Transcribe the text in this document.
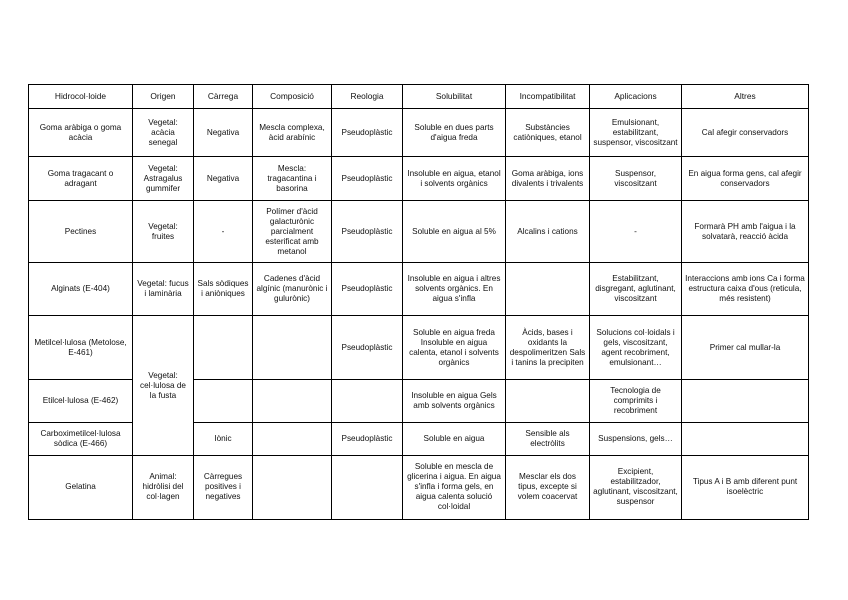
Hidrocol·loide	Origen	Càrrega	Composició	Reologia	Solubilitat	Incompatibilitat	Aplicacions	Altres
Goma aràbiga o goma acàcia	Vegetal: acàcia senegal	Negativa	Mescla complexa, àcid arabínic	Pseudoplàstic	Soluble en dues parts d'aigua freda	Substàncies catiòniques, etanol	Emulsionant, estabilitzant, suspensor, viscositzant	Cal afegir conservadors
Goma tragacant o adragant	Vegetal: Astragalus gummifer	Negativa	Mescla: tragacantina i basorina	Pseudoplàstic	Insoluble en aigua, etanol i solvents orgànics	Goma aràbiga, ions divalents i trivalents	Suspensor, viscositzant	En aigua forma gens, cal afegir conservadors
Pectines	Vegetal: fruites	-	Polímer d'àcid galacturònic parcialment esterificat amb metanol	Pseudoplàstic	Soluble en aigua al 5%	Alcalins i cations	-	Formarà PH amb l'aigua i la solvatarà, reacció àcida
Alginats (E-404)	Vegetal: fucus i laminària	Sals sòdiques i aniòniques	Cadenes d'àcid algínic (manurònic i gulurònic)	Pseudoplàstic	Insoluble en aigua i altres solvents orgànics. En aigua s'infla		Estabilitzant, disgregant, aglutinant, viscositzant	Interaccions amb ions Ca i forma estructura caixa d'ous (reticula, més resistent)
Metilcel·lulosa (Metolose, E-461)	Vegetal: cel·lulosa de la fusta			Pseudoplàstic	Soluble en aigua freda Insoluble en aigua calenta, etanol i solvents orgànics	Àcids, bases i oxidants la despolimeritzen Sals i tanins la precipiten	Solucions col·loidals i gels, viscositzant, agent recobriment, emulsionant…	Primer cal mullar-la
Etilcel·lulosa (E-462)					Insoluble en aigua Gels amb solvents orgànics		Tecnologia de comprimits i recobriment	
Carboximetilcel·lulosa sòdica (E-466)		Iònic		Pseudoplàstic	Soluble en aigua	Sensible als electròlits	Suspensions, gels…	
Gelatina	Animal: hidròlisi del col·lagen	Càrregues positives i negatives			Soluble en mescla de glicerina i aigua. En aigua s'infla i forma gels, en aigua calenta solució col·loidal	Mesclar els dos tipus, excepte si volem coacervat	Excipient, estabilitzador, aglutinant, viscositzant, suspensor	Tipus A i B amb diferent punt isoelèctric
